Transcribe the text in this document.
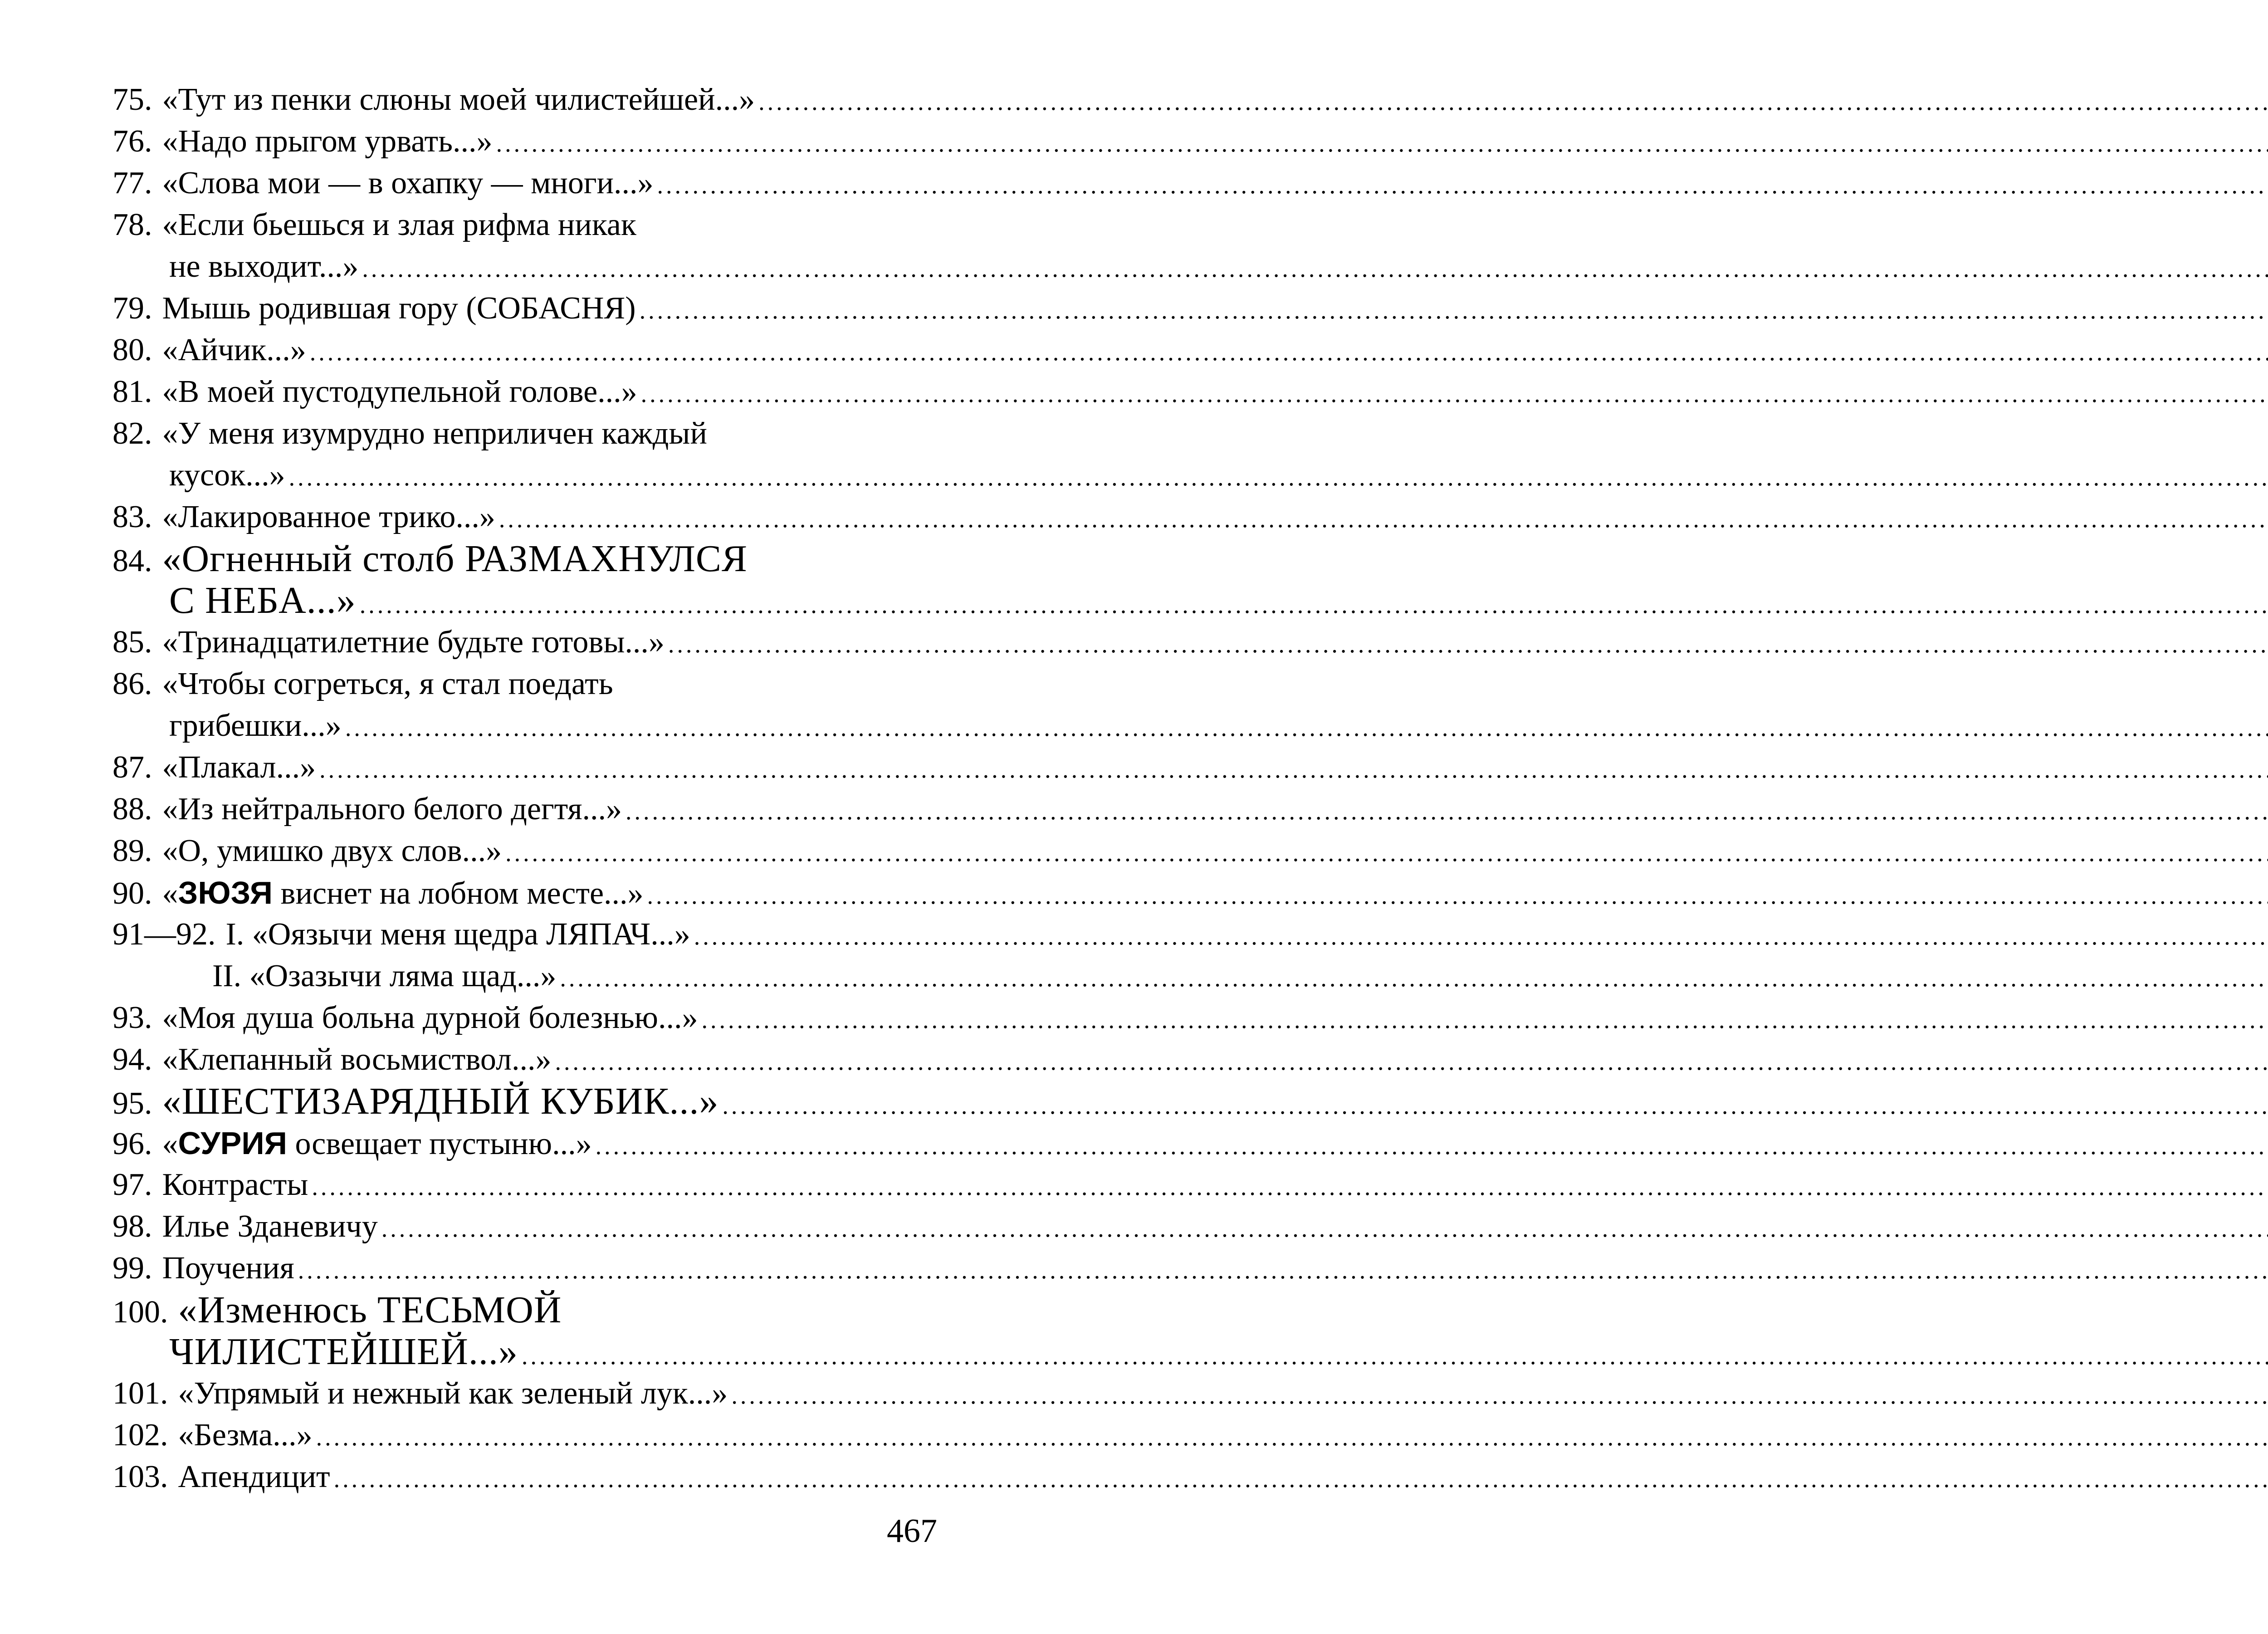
75. «Тут из пенки слюны моей чилистейшей...»
.....
76. «Надо прыгом урвать...»
.....
77. «Слова мои — в охапку — многи...»
.....
78. «Если бьешься и злая рифма никак
не выходит...»
.....
79. Мышь родившая гору (СОБАСНЯ)
.....
80. «Айчик...»
.....
81. «В моей пустодупельной голове...»
.....
82. «У меня изумрудно неприличен каждый
кусок...»
.....
83. «Лакированное трико...»
.....
84. «Огненный столб РАЗМАХНУЛСЯ
С НЕБА...»
.....
85. «Тринадцатилетние будьте готовы...»
.....
86. «Чтобы согреться, я стал поедать
грибешки...»
.....
87. «Плакал...»
.....
88. «Из нейтрального белого дегтя...»
.....
89. «О, умишко двух слов...»
.....
90. «ЗЮЗЯ виснет на лобном месте...»
.....
91—92. I. «Оязычи меня щедра ЛЯПАЧ...»
.....
II. «Озазычи ляма щад...»
.....
93. «Моя душа больна дурной болезнью...»
.....
94. «Клепанный восьмиствол...»
.....
95. «ШЕСТИЗАРЯДНЫЙ КУБИК...»
.....
96. «СУРИЯ освещает пустыню...»
.....
97. Контрасты
.....
98. Илье Зданевичу
.....
99. Поучения
.....
100. «Изменюсь ТЕСЬМОЙ
ЧИЛИСТЕЙШЕЙ...»
.....
101. «Упрямый и нежный как зеленый лук...»
.....
102. «Безма...»
.....
103. Апендицит
.....
467
